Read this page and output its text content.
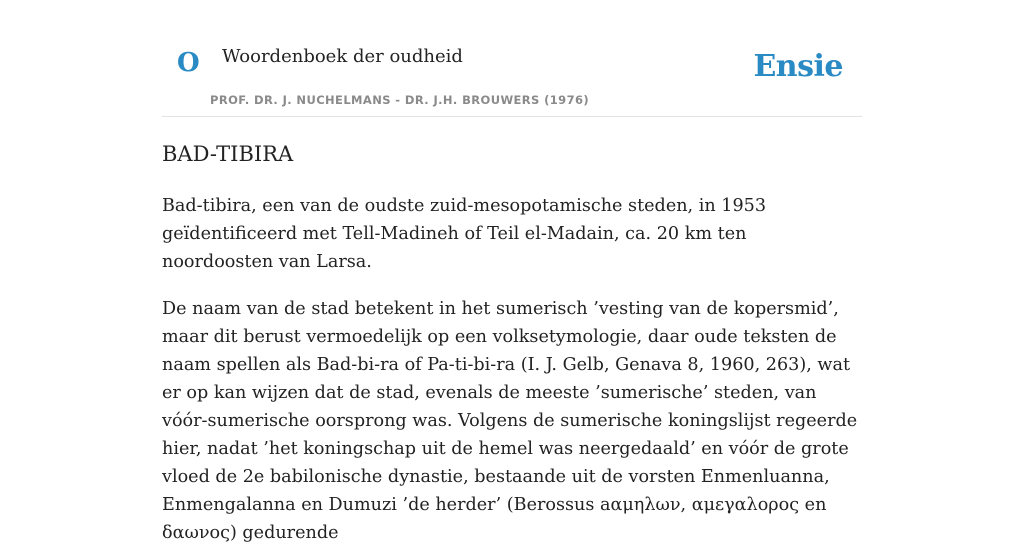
O Woordenboek der oudheid
PROF. DR. J. NUCHELMANS - DR. J.H. BROUWERS (1976)
Ensie
BAD-TIBIRA

Bad-tibira, een van de oudste zuid-mesopotamische steden, in 1953 geïdentificeerd met Tell-Madineh of Teil el-Madain, ca. 20 km ten noordoosten van Larsa.

De naam van de stad betekent in het sumerisch ’vesting van de kopersmid’, maar dit berust vermoedelijk op een volksetymologie, daar oude teksten de naam spellen als Bad-bi-ra of Pa-ti-bi-ra (I. J. Gelb, Genava 8, 1960, 263), wat er op kan wijzen dat de stad, evenals de meeste ’sumerische’ steden, van vóór-sumerische oorsprong was. Volgens de sumerische koningslijst regeerde hier, nadat ’het koningschap uit de hemel was neergedaald’ en vóór de grote vloed de 2e babilonische dynastie, bestaande uit de vorsten Enmenluanna, Enmengalanna en Dumuzi ’de herder’ (Berossus aαμηλων, αμεγαλορος en δαωνος) gedurende
